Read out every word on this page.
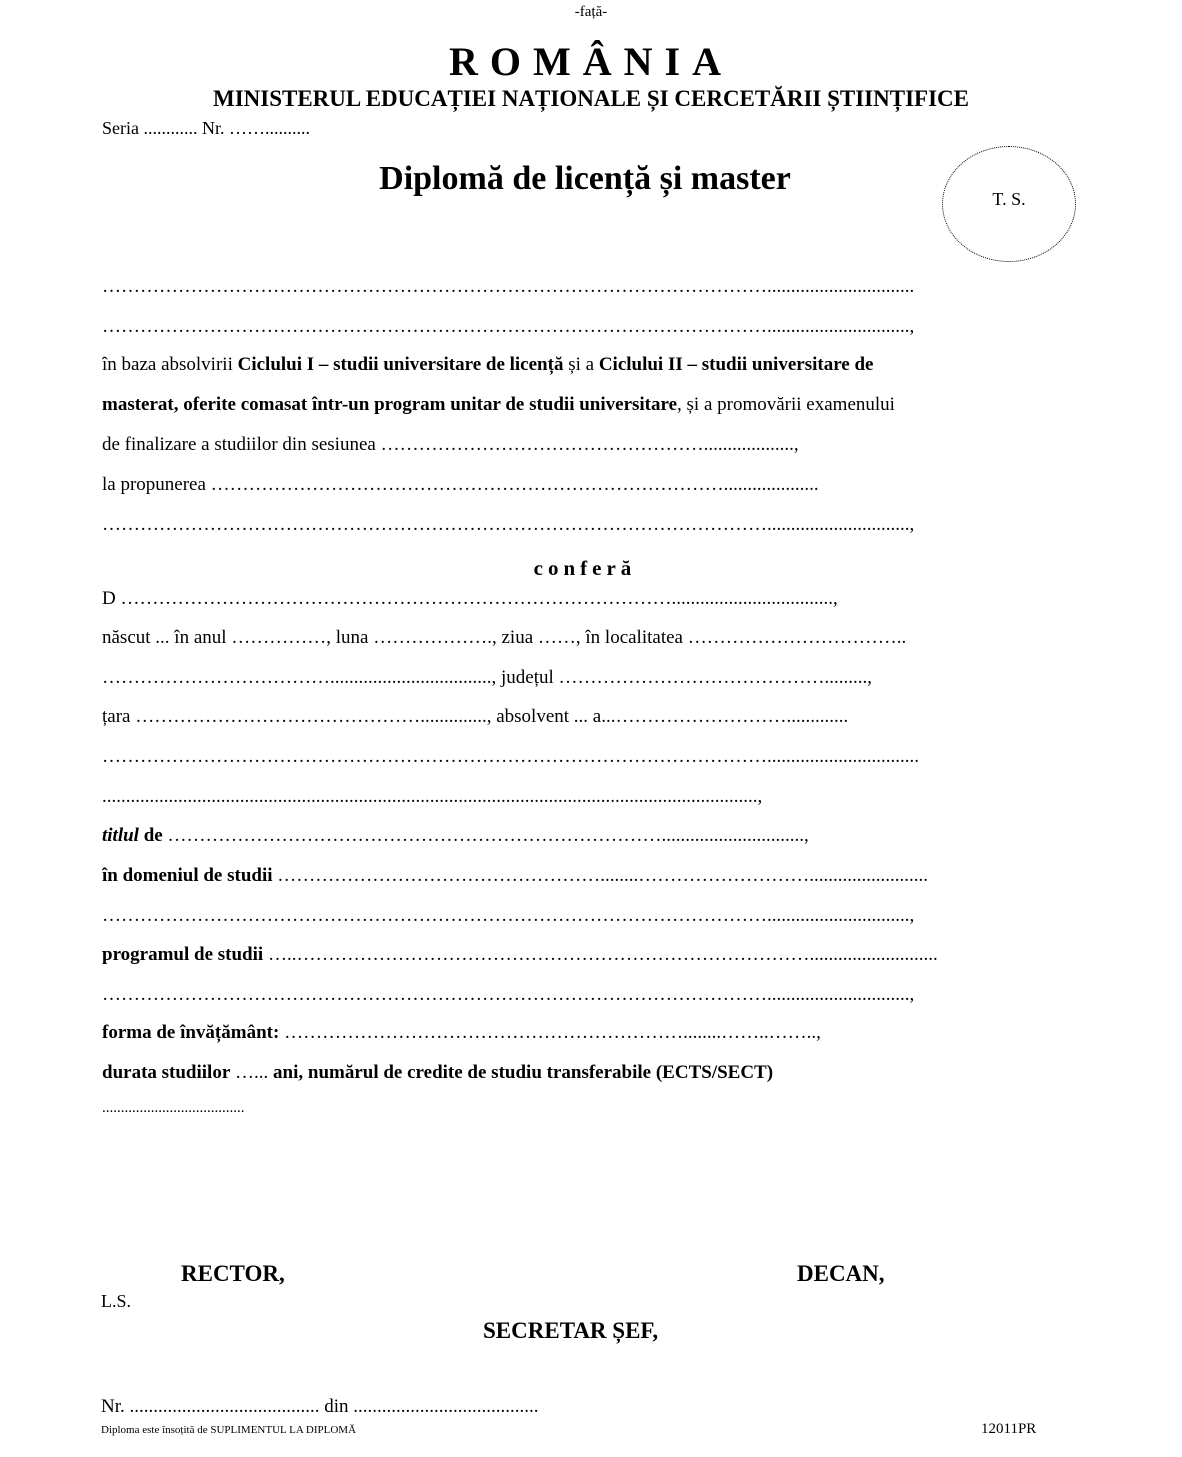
-față-
ROMÂNIA
MINISTERUL EDUCAȚIEI NAȚIONALE ȘI CERCETĂRII ȘTIINȚIFICE
Seria ............ Nr. ……..........
Diplomă de licență și master
T. S.
……………………………………………………………………………………………...............................
……………………………………………………………………………………………..............................,
în baza absolvirii Ciclului I – studii universitare de licență și a Ciclului II – studii universitare de
masterat, oferite comasat într-un program unitar de studii universitare, și a promovării examenului
de finalizare a studiilor din sesiunea ……………………………………………...................,
la propunerea ………………………………………………………………………....................
……………………………………………………………………………………………..............................,
conferă
D ……………………………………………………………………………..................................,
născut ... în anul ……………, luna ………………., ziua ……, în localitatea ……………………………..
……………………………….................................., județul …………………………………….........,
țara ……………………………………….............., absolvent ... a...……………………….............
……………………………………………………………………………………………................................
..........................................................................................................................................,
titlul de ……………………………………………………………………..............................,
în domeniul de studii ……………………………………………........……………………….........................
……………………………………………………………………………………………..............................,
programul de studii …..………………………………………………………………………...........................
……………………………………………………………………………………………..............................,
forma de învățământ: ………………………………………………………........……..……..,
durata studiilor …... ani, numărul de credite de studiu transferabile (ECTS/SECT)
......................................
RECTOR,	DECAN,
L.S.
SECRETAR ȘEF,
Nr. ........................................ din .......................................
Diploma este însoțită de SUPLIMENTUL LA DIPLOMĂ	12011PR
